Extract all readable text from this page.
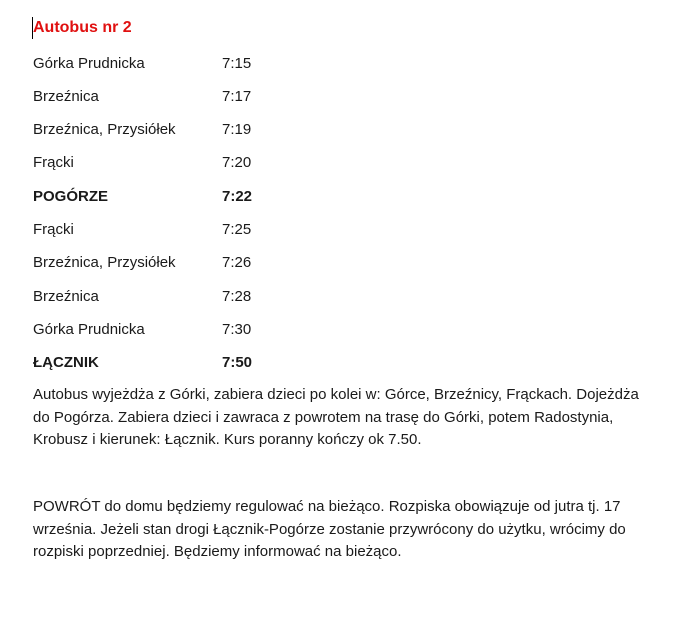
Autobus nr 2
Górka Prudnicka	7:15
Brzeźnica	7:17
Brzeźnica, Przysiółek	7:19
Frącki	7:20
POGÓRZE	7:22
Frącki	7:25
Brzeźnica, Przysiółek	7:26
Brzeźnica	7:28
Górka Prudnicka	7:30
ŁĄCZNIK	7:50
Autobus wyjeżdża z Górki, zabiera dzieci po kolei w: Górce, Brzeźnicy, Frąckach. Dojeżdża do Pogórza. Zabiera dzieci i zawraca z powrotem na trasę do Górki, potem Radostynia, Krobusz i kierunek: Łącznik. Kurs poranny kończy ok 7.50.
POWRÓT do domu będziemy regulować na bieżąco. Rozpiska obowiązuje od jutra tj. 17 września. Jeżeli stan drogi Łącznik-Pogórze zostanie przywrócony do użytku, wrócimy do rozpiski poprzedniej. Będziemy informować na bieżąco.
